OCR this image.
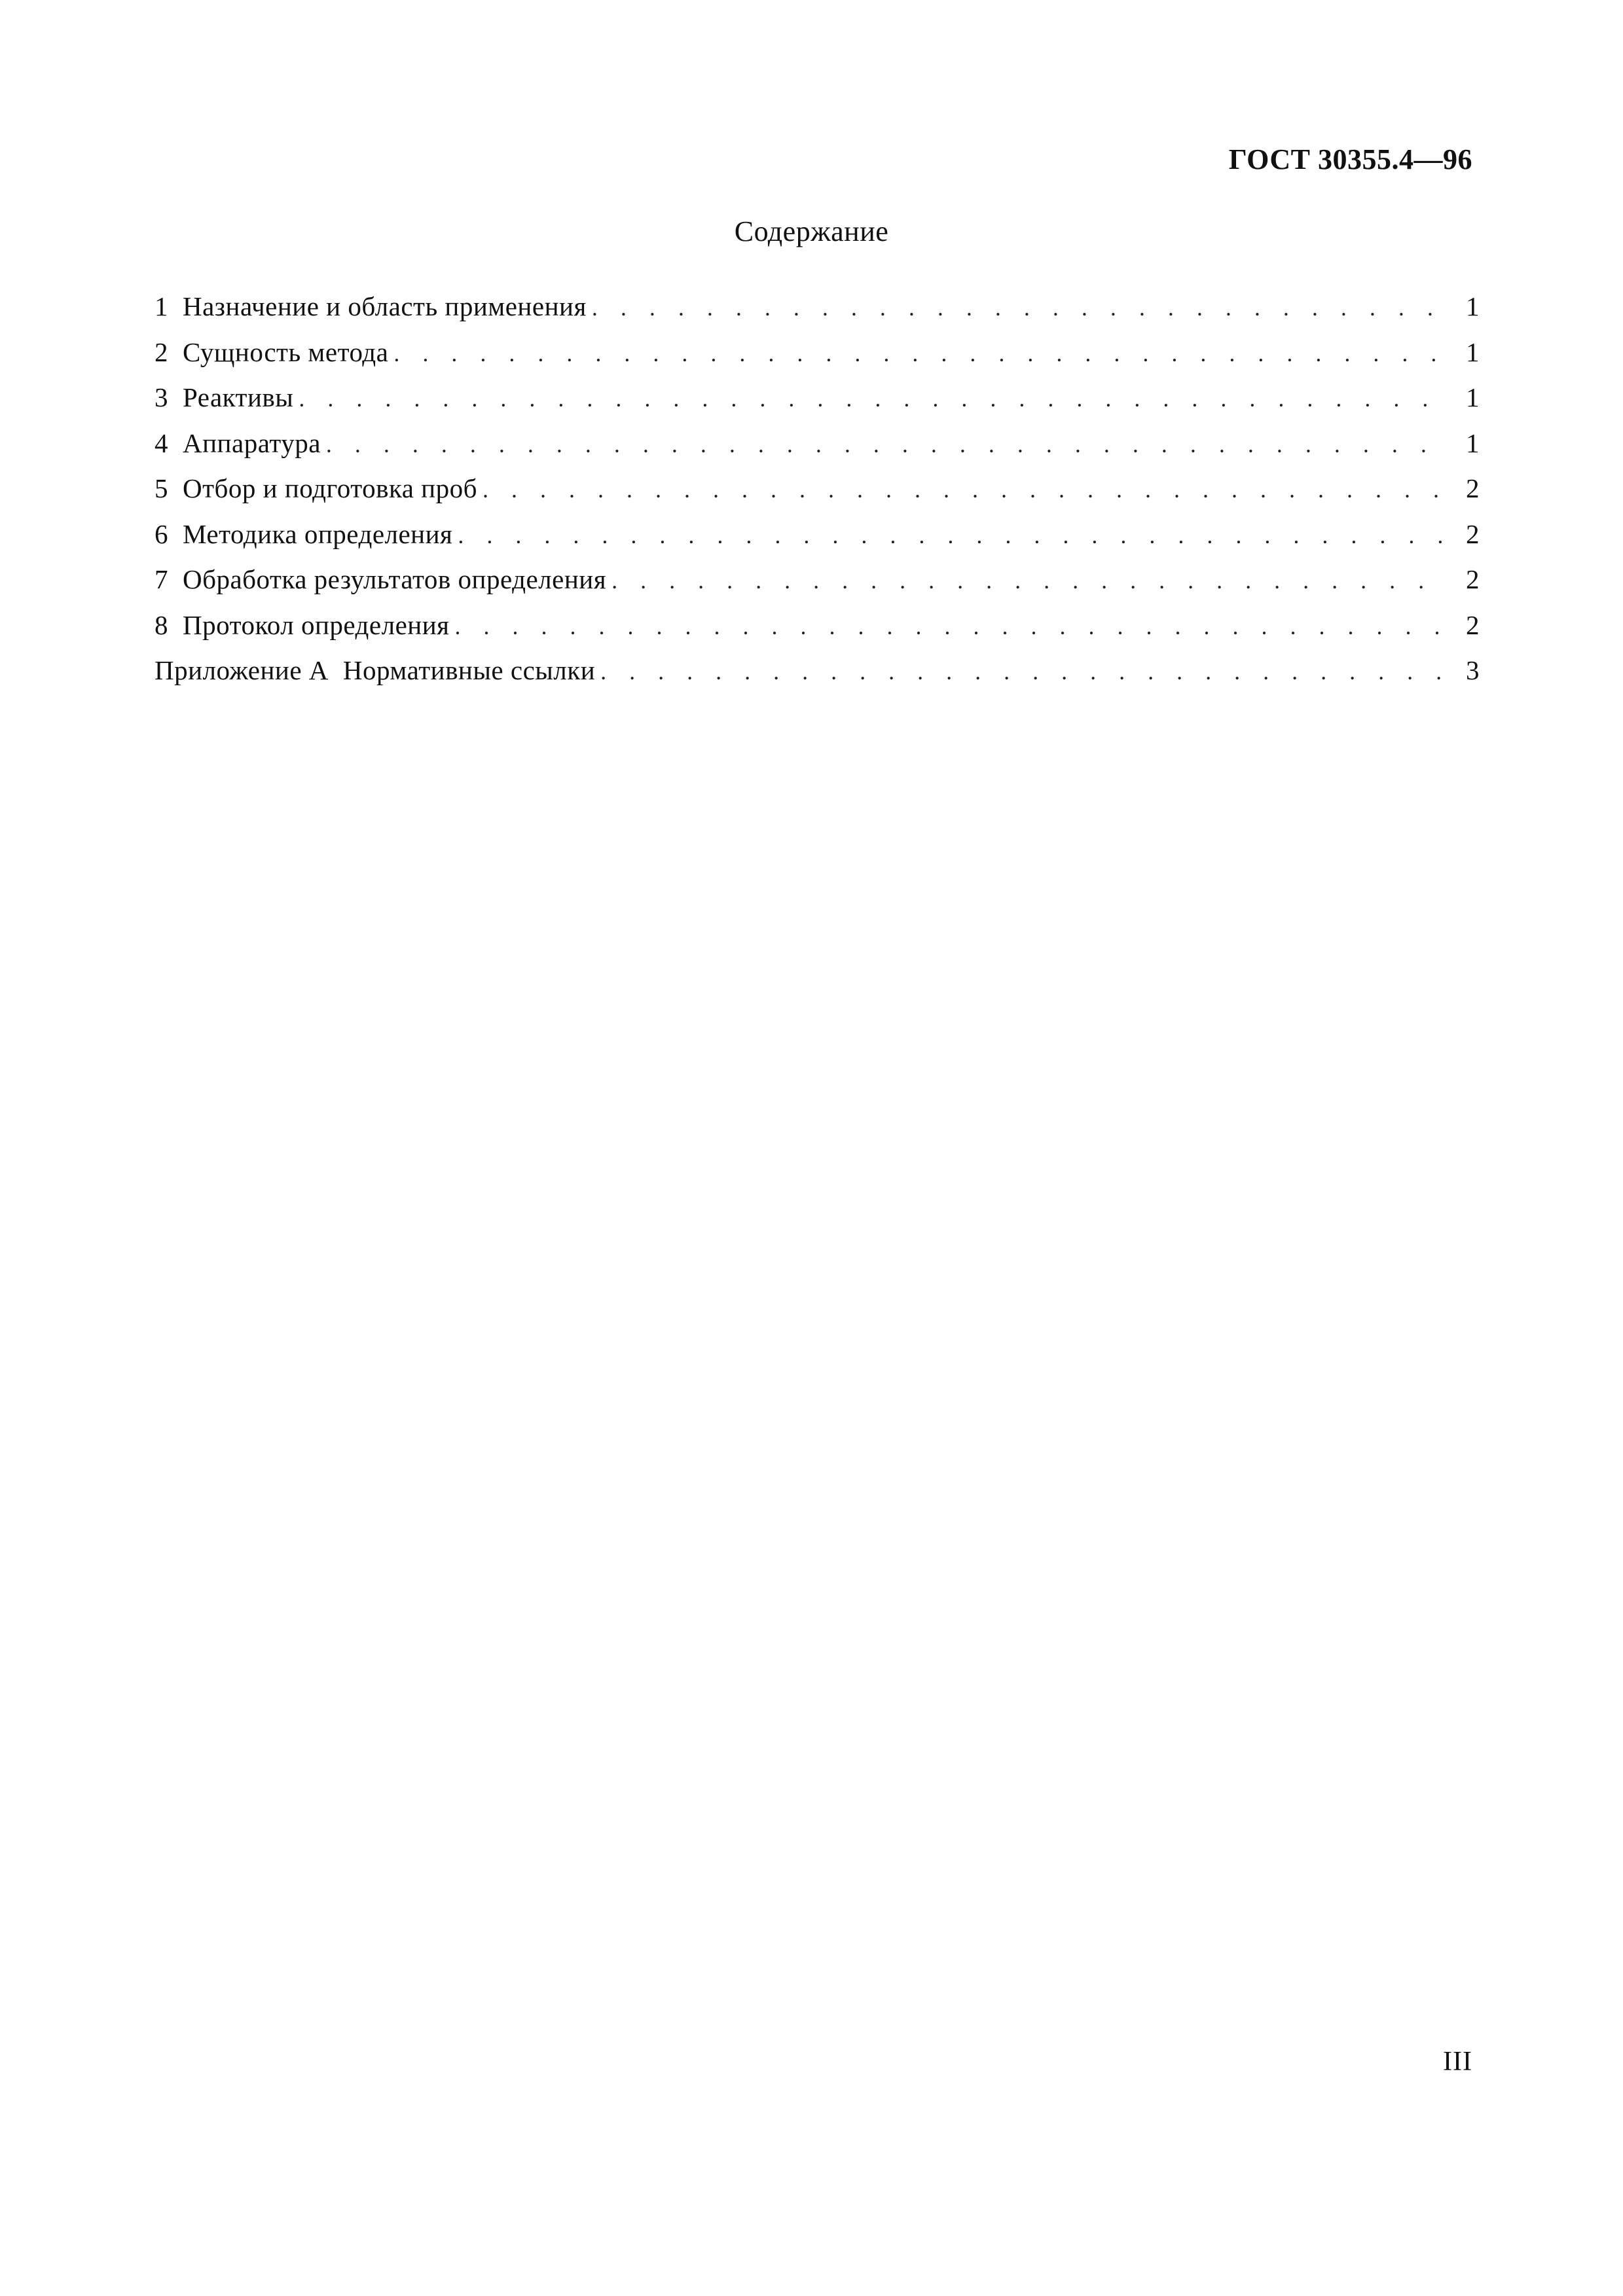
ГОСТ 30355.4—96
Содержание
1 Назначение и область применения . . .	1
2 Сущность метода . . .	1
3 Реактивы . . .	1
4 Аппаратура . . .	1
5 Отбор и подготовка проб . . .	2
6 Методика определения . . .	2
7 Обработка результатов определения . . .	2
8 Протокол определения . . .	2
Приложение А Нормативные ссылки . . .	3
III
